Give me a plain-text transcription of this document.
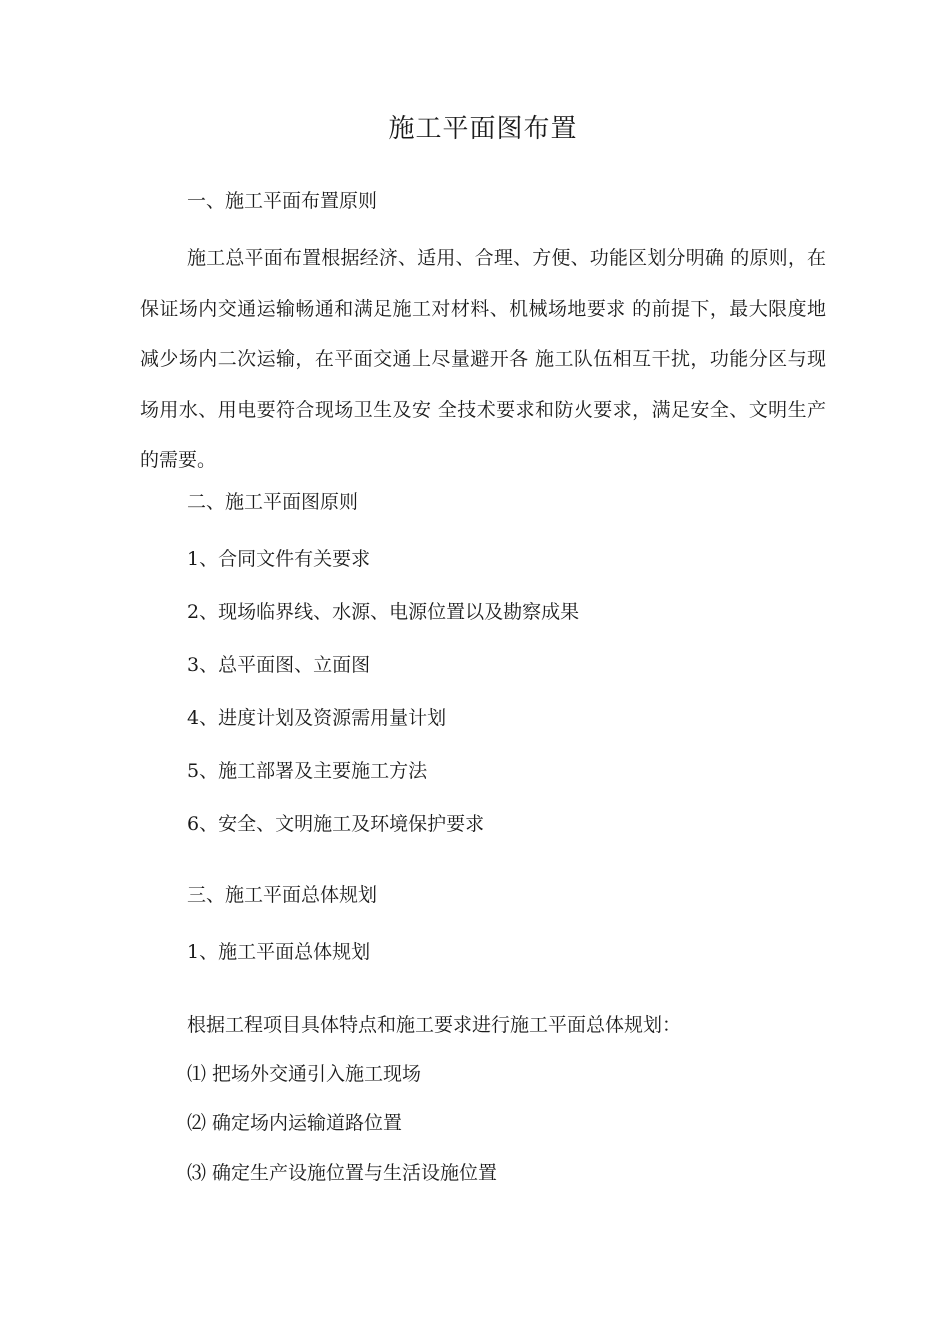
施工平面图布置

一、施工平面布置原则

施工总平面布置根据经济、适用、合理、方便、功能区划分明确 的原则，在保证场内交通运输畅通和满足施工对材料、机械场地要求 的前提下，最大限度地减少场内二次运输，在平面交通上尽量避开各 施工队伍相互干扰，功能分区与现场用水、用电要符合现场卫生及安 全技术要求和防火要求，满足安全、文明生产的需要。

二、施工平面图原则

1、合同文件有关要求

2、现场临界线、水源、电源位置以及勘察成果

3、总平面图、立面图

4、进度计划及资源需用量计划

5、施工部署及主要施工方法

6、安全、文明施工及环境保护要求

三、施工平面总体规划

1、施工平面总体规划

根据工程项目具体特点和施工要求进行施工平面总体规划：

⑴ 把场外交通引入施工现场

⑵ 确定场内运输道路位置

⑶ 确定生产设施位置与生活设施位置
